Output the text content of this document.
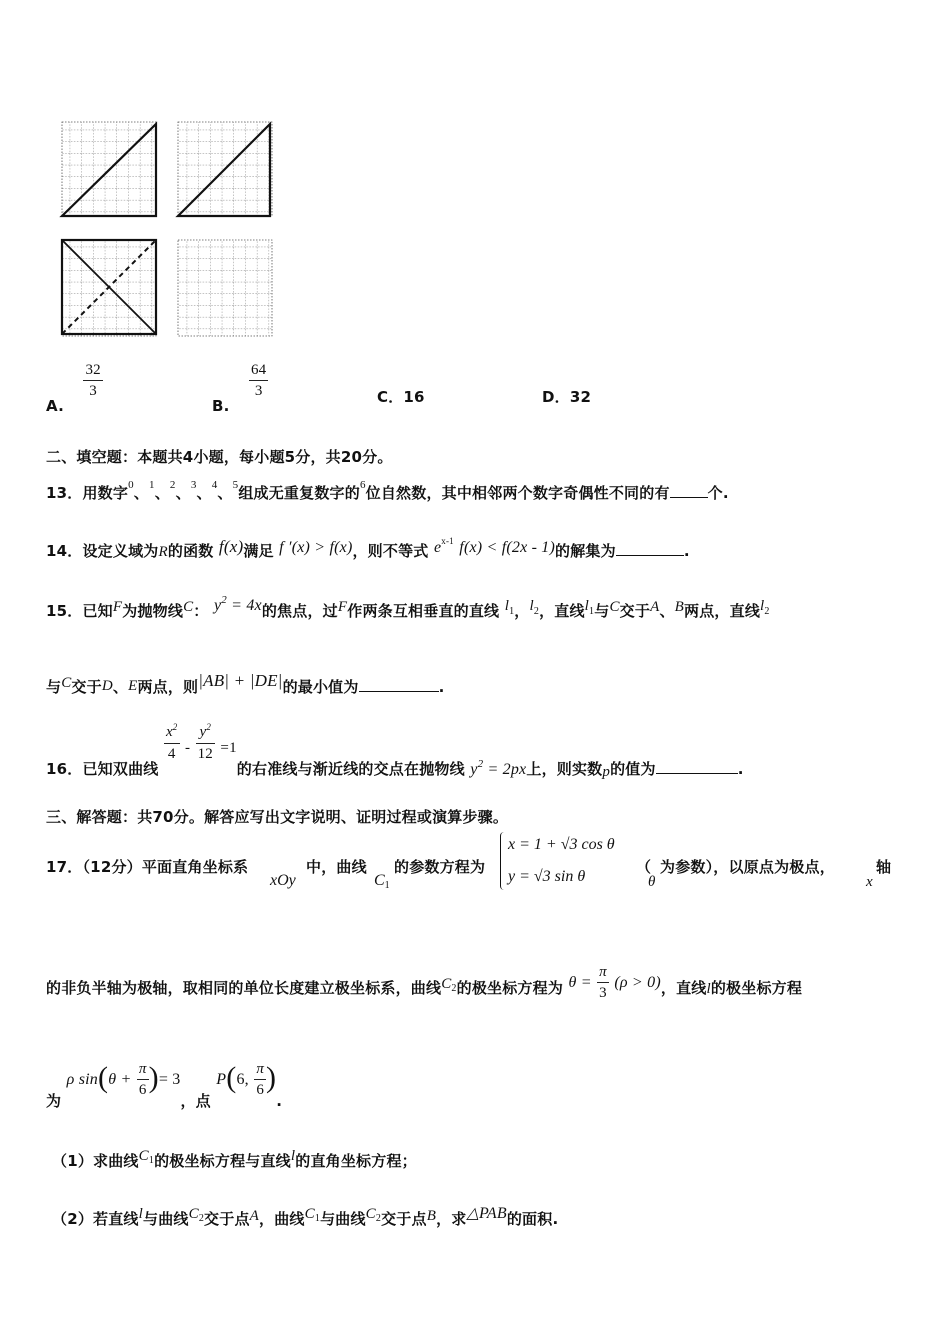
A.
$\frac{32}{3}$
B.
$\frac{64}{3}$	C．16	D．32
二、填空题：本题共4小题，每小题5分，共20分。
13．用数字$^0$、$^1$、$^2$、$^3$、$^4$、$^5$组成无重复数字的$^6$位自然数，其中相邻两个数字奇偶性不同的有	个.
14．设定义域为R的函数 f(x)满足 f ′(x) > f(x)，则不等式 $e^{x-1}$ f(x) < f(2x - 1)的解集为	.
15．已知F为抛物线C： $y^2 = 4x$的焦点，过F作两条互相垂直的直线 $l_1$，$l_2$，直线$l_1$与C交于A、B两点，直线$l_2$
与C交于D、E两点，则|AB| + |DE|的最小值为	.
16．已知双曲线
$\frac{x^2}{4} - \frac{y^2}{12} =1$的右准线与渐近线的交点在抛物线 $y^2 = 2px$上，则实数p的值为	.
三、解答题：共70分。解答应写出文字说明、证明过程或演算步骤。
17．（12分）平面直角坐标系
xOy
中，曲线
C1
的参数方程为
x = 1 + √3 cos θ
y = √3 sin θ
（
θ
为参数），以原点为极点，	轴
x
的非负半轴为极轴，取相同的单位长度建立极坐标系，曲线$C_2$的极坐标方程为 $\theta = \frac{\pi}{3} (\rho > 0)$，直线l的极坐标方程
为 ρ $\sin(\theta + \frac{\pi}{6}$ )= 3，点 P(6, $\frac{\pi}{6}$ ).
（1）求曲线$C_1$的极坐标方程与直线l的直角坐标方程；
（2）若直线l与曲线$C_2$交于点A，曲线$C_1$与曲线$C_2$交于点B，求△PAB的面积.
